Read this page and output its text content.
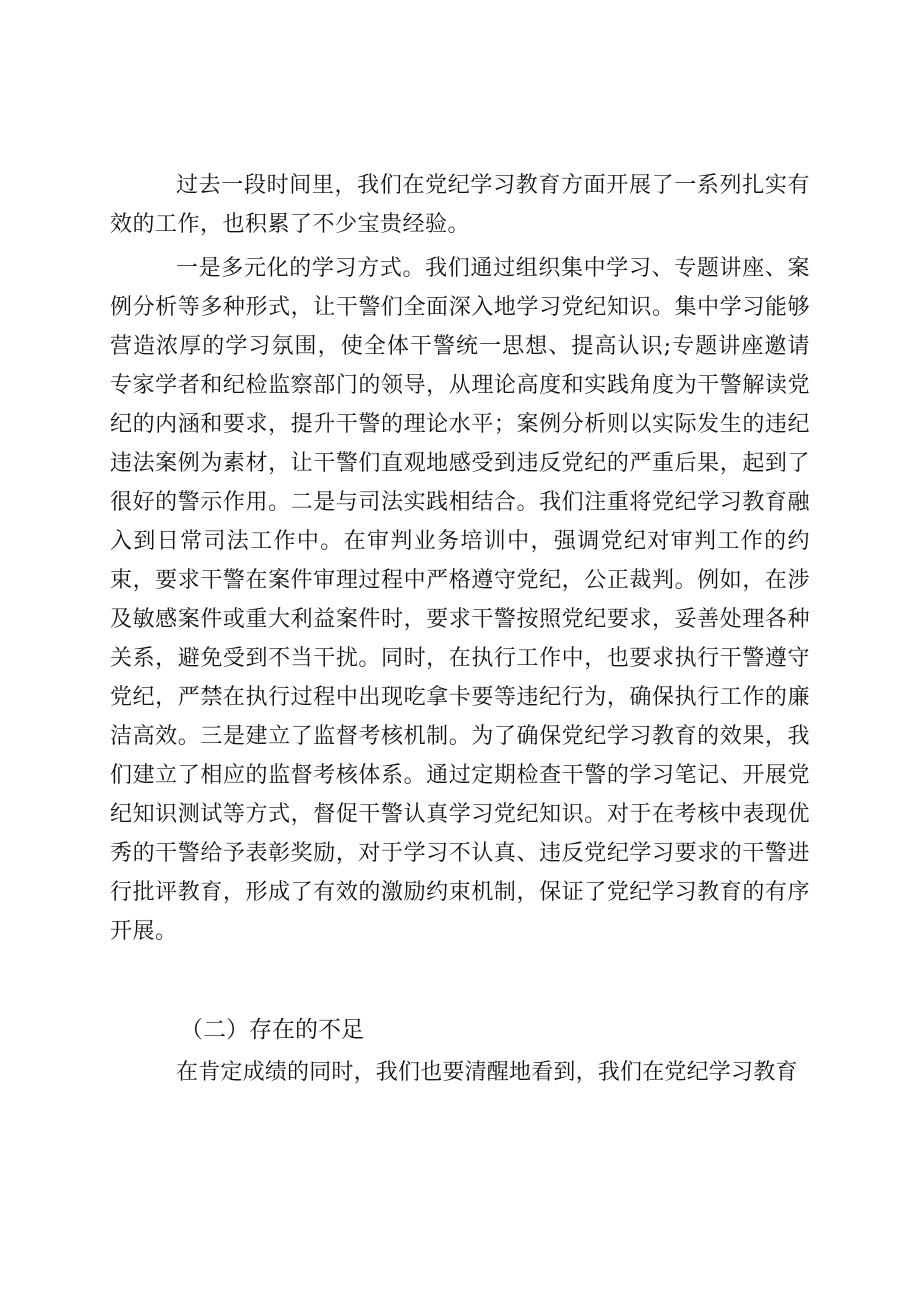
过去一段时间里，我们在党纪学习教育方面开展了一系列扎实有效的工作，也积累了不少宝贵经验。

一是多元化的学习方式。我们通过组织集中学习、专题讲座、案例分析等多种形式，让干警们全面深入地学习党纪知识。集中学习能够营造浓厚的学习氛围，使全体干警统一思想、提高认识;专题讲座邀请专家学者和纪检监察部门的领导，从理论高度和实践角度为干警解读党纪的内涵和要求，提升干警的理论水平；案例分析则以实际发生的违纪违法案例为素材，让干警们直观地感受到违反党纪的严重后果，起到了很好的警示作用。二是与司法实践相结合。我们注重将党纪学习教育融入到日常司法工作中。在审判业务培训中，强调党纪对审判工作的约束，要求干警在案件审理过程中严格遵守党纪，公正裁判。例如，在涉及敏感案件或重大利益案件时，要求干警按照党纪要求，妥善处理各种关系，避免受到不当干扰。同时，在执行工作中，也要求执行干警遵守党纪，严禁在执行过程中出现吃拿卡要等违纪行为，确保执行工作的廉洁高效。三是建立了监督考核机制。为了确保党纪学习教育的效果，我们建立了相应的监督考核体系。通过定期检查干警的学习笔记、开展党纪知识测试等方式，督促干警认真学习党纪知识。对于在考核中表现优秀的干警给予表彰奖励，对于学习不认真、违反党纪学习要求的干警进行批评教育，形成了有效的激励约束机制，保证了党纪学习教育的有序开展。

（二）存在的不足

在肯定成绩的同时，我们也要清醒地看到，我们在党纪学习教育
